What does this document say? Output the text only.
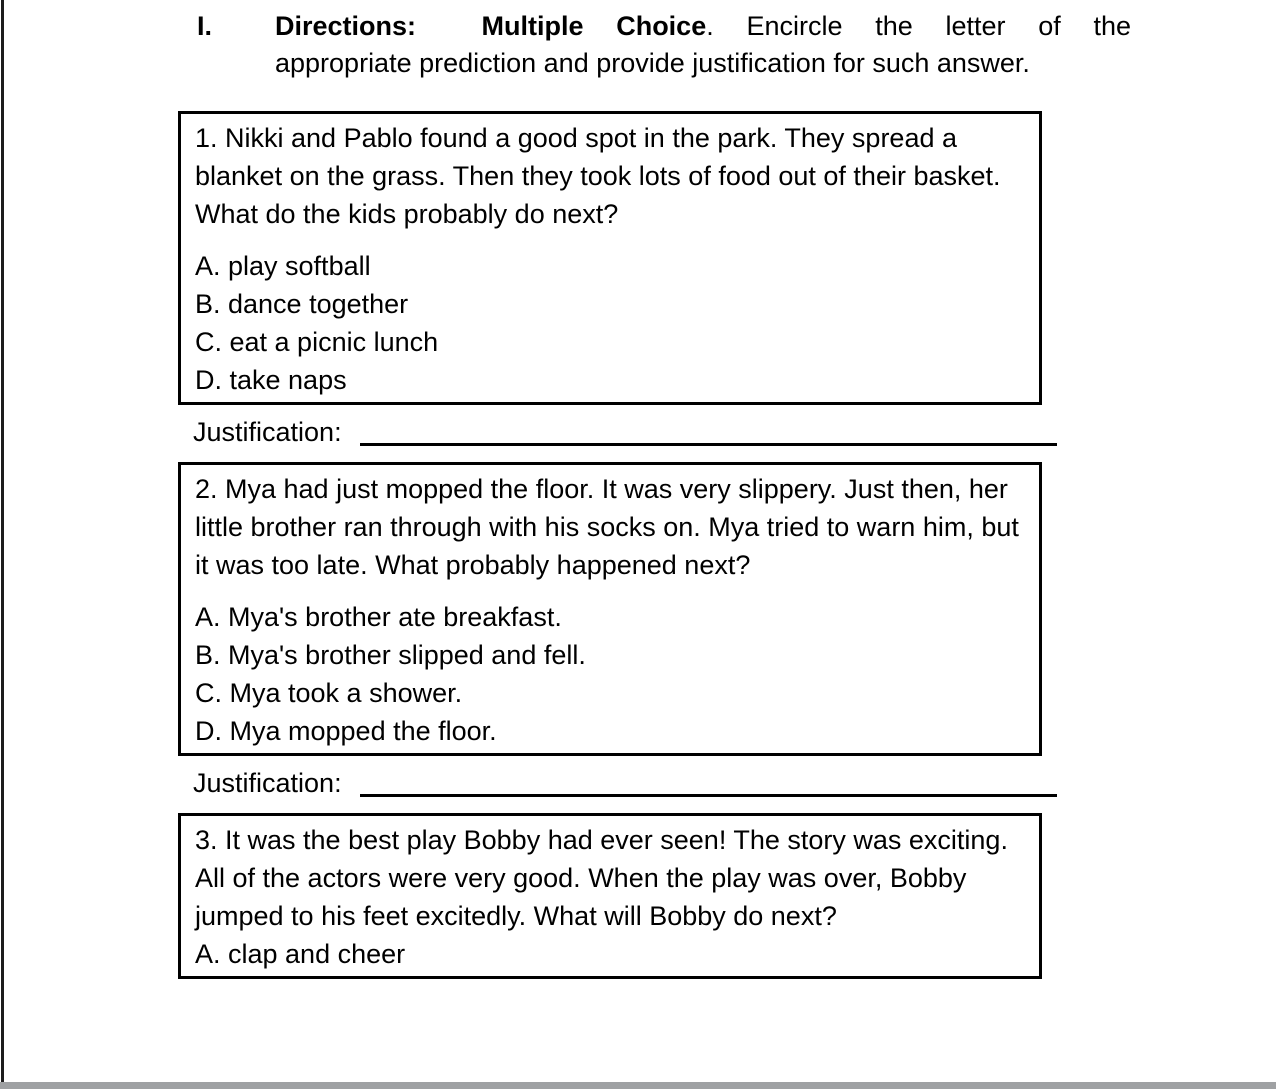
I.	Directions:  Multiple Choice. Encircle the letter of the
appropriate prediction and provide justification for such answer.
1. Nikki and Pablo found a good spot in the park. They spread a blanket on the grass. Then they took lots of food out of their basket. What do the kids probably do next?
A. play softball
B. dance together
C. eat a picnic lunch
D. take naps
Justification:
2. Mya had just mopped the floor. It was very slippery. Just then, her little brother ran through with his socks on. Mya tried to warn him, but it was too late. What probably happened next?
A. Mya's brother ate breakfast.
B. Mya's brother slipped and fell.
C. Mya took a shower.
D. Mya mopped the floor.
Justification:
3. It was the best play Bobby had ever seen! The story was exciting. All of the actors were very good. When the play was over, Bobby jumped to his feet excitedly. What will Bobby do next?
A. clap and cheer
